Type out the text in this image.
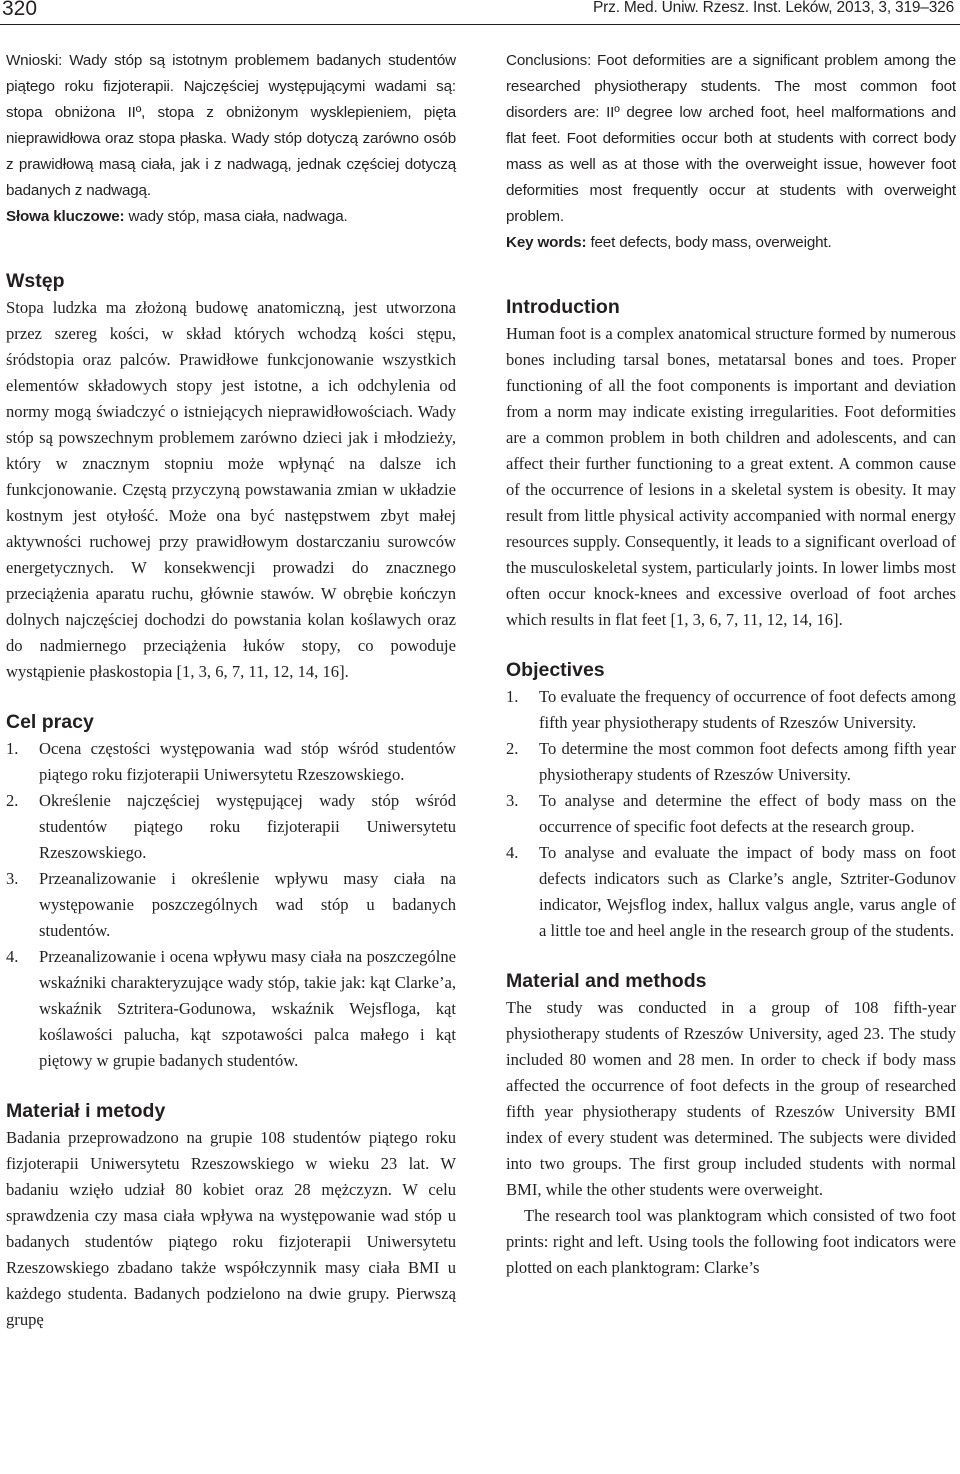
320	Prz. Med. Uniw. Rzesz. Inst. Leków, 2013, 3, 319–326

Wnioski: Wady stóp są istotnym problemem badanych studentów piątego roku fizjoterapii. Najczęściej występującymi wadami są: stopa obniżona IIº, stopa z obniżonym wysklepieniem, pięta nieprawidłowa oraz stopa płaska. Wady stóp dotyczą zarówno osób z prawidłową masą ciała, jak i z nadwagą, jednak częściej dotyczą badanych z nadwagą.

Słowa kluczowe: wady stóp, masa ciała, nadwaga.

Wstęp

Stopa ludzka ma złożoną budowę anatomiczną, jest utworzona przez szereg kości, w skład których wchodzą kości stępu, śródstopia oraz palców. Prawidłowe funkcjonowanie wszystkich elementów składowych stopy jest istotne, a ich odchylenia od normy mogą świadczyć o istniejących nieprawidłowościach. Wady stóp są powszechnym problemem zarówno dzieci jak i młodzieży, który w znacznym stopniu może wpłynąć na dalsze ich funkcjonowanie. Częstą przyczyną powstawania zmian w układzie kostnym jest otyłość. Może ona być następstwem zbyt małej aktywności ruchowej przy prawidłowym dostarczaniu surowców energetycznych. W konsekwencji prowadzi do znacznego przeciążenia aparatu ruchu, głównie stawów. W obrębie kończyn dolnych najczęściej dochodzi do powstania kolan koślawych oraz do nadmiernego przeciążenia łuków stopy, co powoduje wystąpienie płaskostopia [1, 3, 6, 7, 11, 12, 14, 16].

Cel pracy
1. Ocena częstości występowania wad stóp wśród studentów piątego roku fizjoterapii Uniwersytetu Rzeszowskiego.
2. Określenie najczęściej występującej wady stóp wśród studentów piątego roku fizjoterapii Uniwersytetu Rzeszowskiego.
3. Przeanalizowanie i określenie wpływu masy ciała na występowanie poszczególnych wad stóp u badanych studentów.
4. Przeanalizowanie i ocena wpływu masy ciała na poszczególne wskaźniki charakteryzujące wady stóp, takie jak: kąt Clarke’a, wskaźnik Sztritera-Godunowa, wskaźnik Wejsfloga, kąt koślawości palucha, kąt szpotawości palca małego i kąt piętowy w grupie badanych studentów.
Materiał i metody

Badania przeprowadzono na grupie 108 studentów piątego roku fizjoterapii Uniwersytetu Rzeszowskiego w wieku 23 lat. W badaniu wzięło udział 80 kobiet oraz 28 mężczyzn. W celu sprawdzenia czy masa ciała wpływa na występowanie wad stóp u badanych studentów piątego roku fizjoterapii Uniwersytetu Rzeszowskiego zbadano także współczynnik masy ciała BMI u każdego studenta. Badanych podzielono na dwie grupy. Pierwszą grupę

Conclusions: Foot deformities are a significant problem among the researched physiotherapy students. The most common foot disorders are: IIº degree low arched foot, heel malformations and flat feet. Foot deformities occur both at students with correct body mass as well as at those with the overweight issue, however foot deformities most frequently occur at students with overweight problem.

Key words: feet defects, body mass, overweight.

Introduction

Human foot is a complex anatomical structure formed by numerous bones including tarsal bones, metatarsal bones and toes. Proper functioning of all the foot components is important and deviation from a norm may indicate existing irregularities. Foot deformities are a common problem in both children and adolescents, and can affect their further functioning to a great extent. A common cause of the occurrence of lesions in a skeletal system is obesity. It may result from little physical activity accompanied with normal energy resources supply. Consequently, it leads to a significant overload of the musculoskeletal system, particularly joints. In lower limbs most often occur knock-knees and excessive overload of foot arches which results in flat feet [1, 3, 6, 7, 11, 12, 14, 16].

Objectives
1. To evaluate the frequency of occurrence of foot defects among fifth year physiotherapy students of Rzeszów University.
2. To determine the most common foot defects among fifth year physiotherapy students of Rzeszów University.
3. To analyse and determine the effect of body mass on the occurrence of specific foot defects at the research group.
4. To analyse and evaluate the impact of body mass on foot defects indicators such as Clarke’s angle, Sztriter-Godunov indicator, Wejsflog index, hallux valgus angle, varus angle of a little toe and heel angle in the research group of the students.
Material and methods

The study was conducted in a group of 108 fifth-year physiotherapy students of Rzeszów University, aged 23. The study included 80 women and 28 men. In order to check if body mass affected the occurrence of foot defects in the group of researched fifth year physiotherapy students of Rzeszów University BMI index of every student was determined. The subjects were divided into two groups. The first group included students with normal BMI, while the other students were overweight.

The research tool was planktogram which consisted of two foot prints: right and left. Using tools the following foot indicators were plotted on each planktogram: Clarke’s
